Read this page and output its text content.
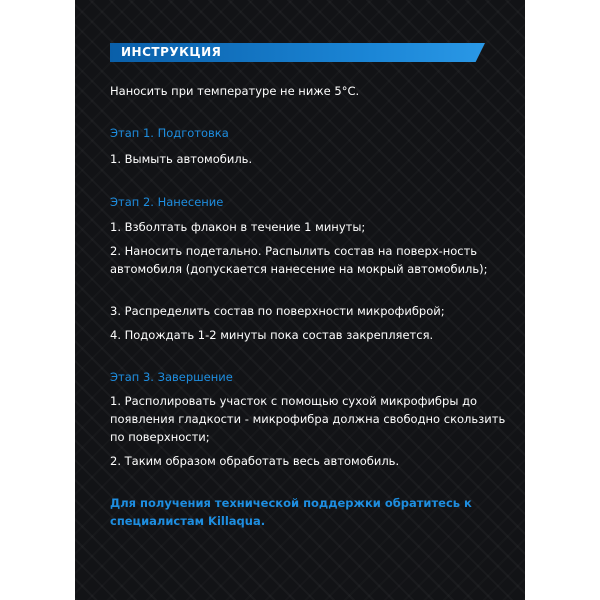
ИНСТРУКЦИЯ
Наносить при температуре не ниже 5°C.
Этап 1. Подготовка
1. Вымыть автомобиль.
Этап 2. Нанесение
1. Взболтать флакон в течение 1 минуты;
2. Наносить подетально. Распылить состав на поверх-ность автомобиля (допускается нанесение на мокрый автомобиль);
3. Распределить состав по поверхности микрофиброй;
4. Подождать 1-2 минуты пока состав закрепляется.
Этап 3. Завершение
1. Располировать участок с помощью сухой микрофибры до появления гладкости - микрофибра должна свободно скользить по поверхности;
2. Таким образом обработать весь автомобиль.
Для получения технической поддержки обратитесь к специалистам Killaqua.
